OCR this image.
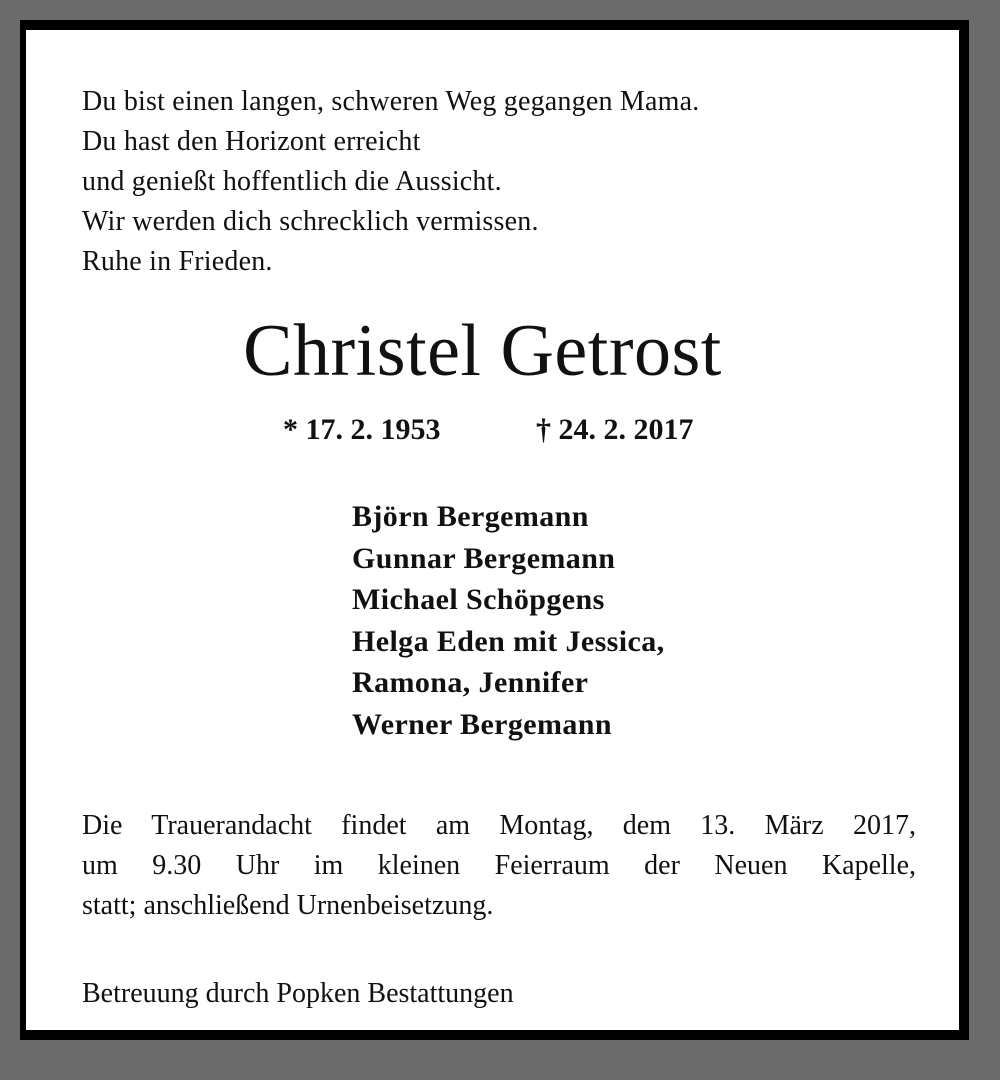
Du bist einen langen, schweren Weg gegangen Mama.
Du hast den Horizont erreicht
und genießt hoffentlich die Aussicht.
Wir werden dich schrecklich vermissen.
Ruhe in Frieden.
Christel Getrost
* 17. 2. 1953	† 24. 2. 2017
Björn Bergemann
Gunnar Bergemann
Michael Schöpgens
Helga Eden mit Jessica,
Ramona, Jennifer
Werner Bergemann
Die Trauerandacht findet am Montag, dem 13. März 2017,
um 9.30 Uhr im kleinen Feierraum der Neuen Kapelle,
statt; anschließend Urnenbeisetzung.
Betreuung durch Popken Bestattungen
